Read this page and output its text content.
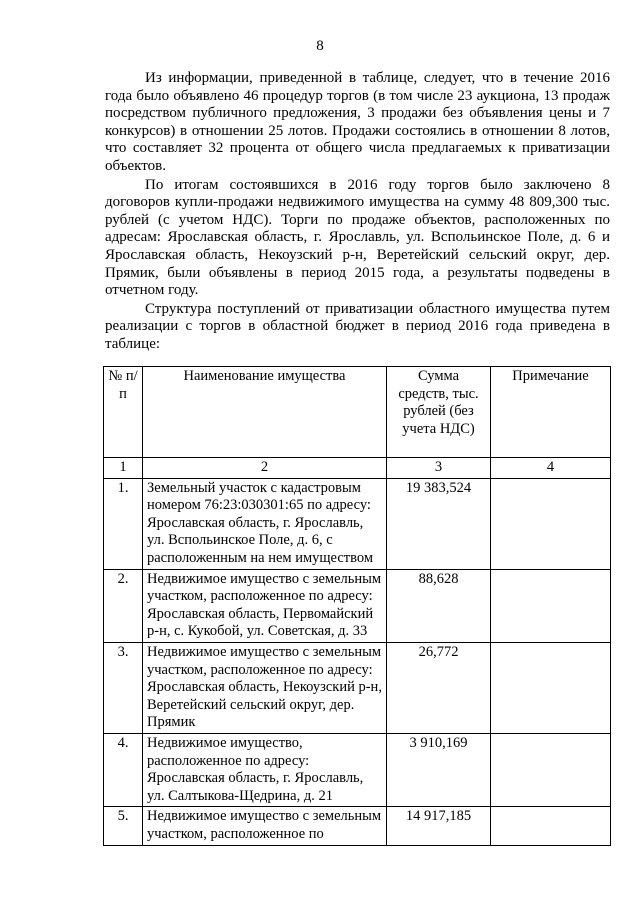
8

Из информации, приведенной в таблице, следует, что в течение 2016 года было объявлено 46 процедур торгов (в том числе 23 аукциона, 13 продаж посредством публичного предложения, 3 продажи без объявления цены и 7 конкурсов) в отношении 25 лотов. Продажи состоялись в отношении 8 лотов, что составляет 32 процента от общего числа предлагаемых к приватизации объектов.

По итогам состоявшихся в 2016 году торгов было заключено 8 договоров купли-продажи недвижимого имущества на сумму 48 809,300 тыс. рублей (с учетом НДС). Торги по продаже объектов, расположенных по адресам: Ярославская область, г. Ярославль, ул. Вспольинское Поле, д. 6 и Ярославская область, Некоузский р-н, Веретейский сельский округ, дер. Прямик, были объявлены в период 2015 года, а результаты подведены в отчетном году.

Структура поступлений от приватизации областного имущества путем реализации с торгов в областной бюджет в период 2016 года приведена в таблице:

№ п/п	Наименование имущества	Сумма средств, тыс. рублей (без учета НДС)	Примечание
1	2	3	4
1.	Земельный участок с кадастровым номером 76:23:030301:65 по адресу: Ярославская область, г. Ярославль, ул. Вспольинское Поле, д. 6, с расположенным на нем имуществом	19 383,524	
2.	Недвижимое имущество с земельным участком, расположенное по адресу: Ярославская область, Первомайский р-н, с. Кукобой, ул. Советская, д. 33	88,628	
3.	Недвижимое имущество с земельным участком, расположенное по адресу: Ярославская область, Некоузский р-н, Веретейский сельский округ, дер. Прямик	26,772	
4.	Недвижимое имущество, расположенное по адресу: Ярославская область, г. Ярославль, ул. Салтыкова-Щедрина, д. 21	3 910,169	
5.	Недвижимое имущество с земельным участком, расположенное по	14 917,185	
